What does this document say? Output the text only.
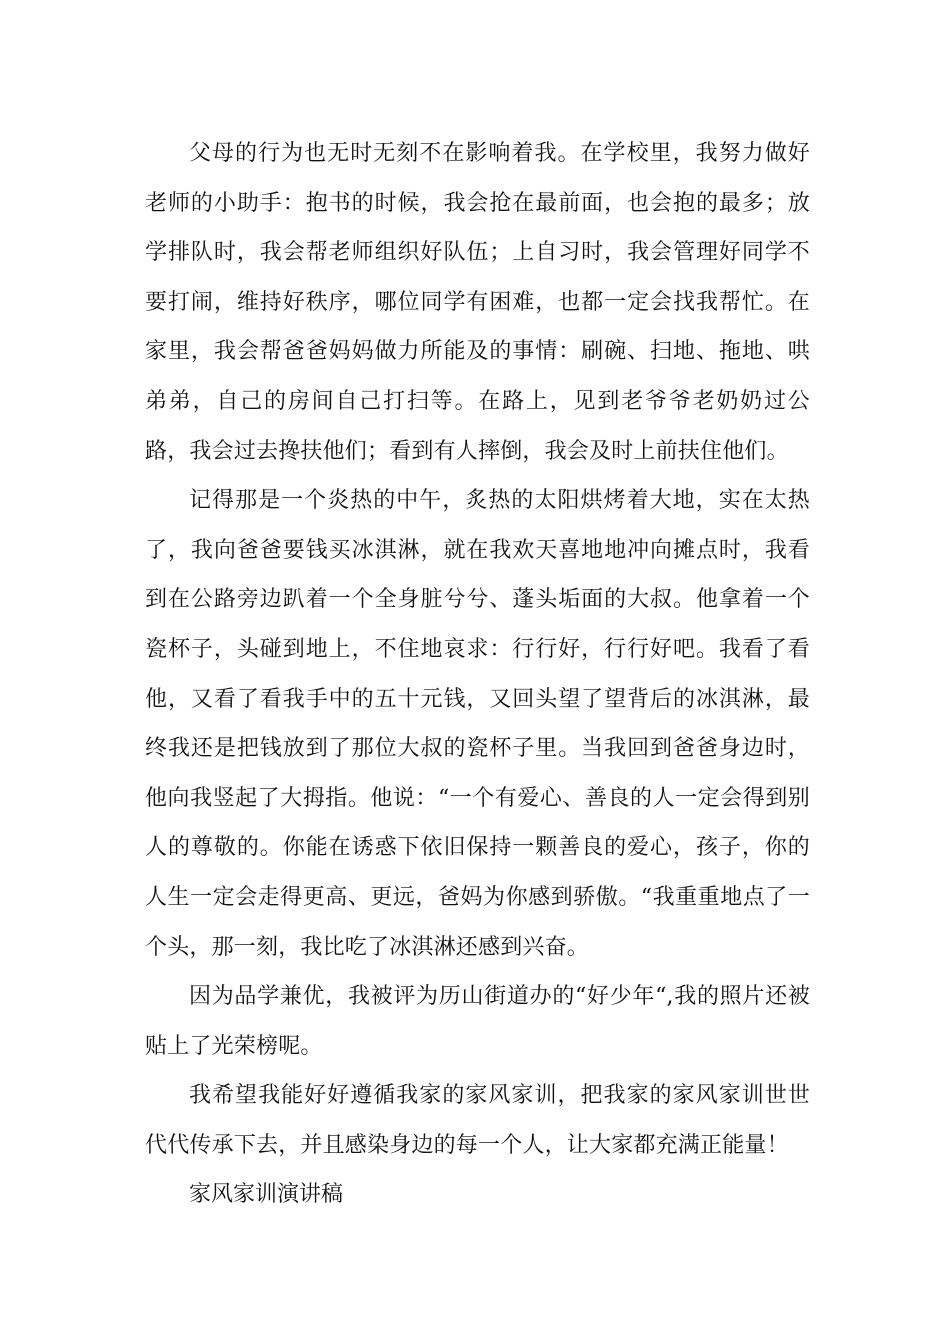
父母的行为也无时无刻不在影响着我。在学校里，我努力做好老师的小助手：抱书的时候，我会抢在最前面，也会抱的最多；放学排队时，我会帮老师组织好队伍；上自习时，我会管理好同学不要打闹，维持好秩序，哪位同学有困难，也都一定会找我帮忙。在家里，我会帮爸爸妈妈做力所能及的事情：刷碗、扫地、拖地、哄弟弟，自己的房间自己打扫等。在路上，见到老爷爷老奶奶过公路，我会过去搀扶他们；看到有人摔倒，我会及时上前扶住他们。

记得那是一个炎热的中午，炙热的太阳烘烤着大地，实在太热了，我向爸爸要钱买冰淇淋，就在我欢天喜地地冲向摊点时，我看到在公路旁边趴着一个全身脏兮兮、蓬头垢面的大叔。他拿着一个瓷杯子，头碰到地上，不住地哀求：行行好，行行好吧。我看了看他，又看了看我手中的五十元钱，又回头望了望背后的冰淇淋，最终我还是把钱放到了那位大叔的瓷杯子里。当我回到爸爸身边时，他向我竖起了大拇指。他说：“一个有爱心、善良的人一定会得到别人的尊敬的。你能在诱惑下依旧保持一颗善良的爱心，孩子，你的人生一定会走得更高、更远，爸妈为你感到骄傲。“我重重地点了一个头，那一刻，我比吃了冰淇淋还感到兴奋。

因为品学兼优，我被评为历山街道办的“好少年“,我的照片还被贴上了光荣榜呢。

我希望我能好好遵循我家的家风家训，把我家的家风家训世世代代传承下去，并且感染身边的每一个人，让大家都充满正能量！

家风家训演讲稿
